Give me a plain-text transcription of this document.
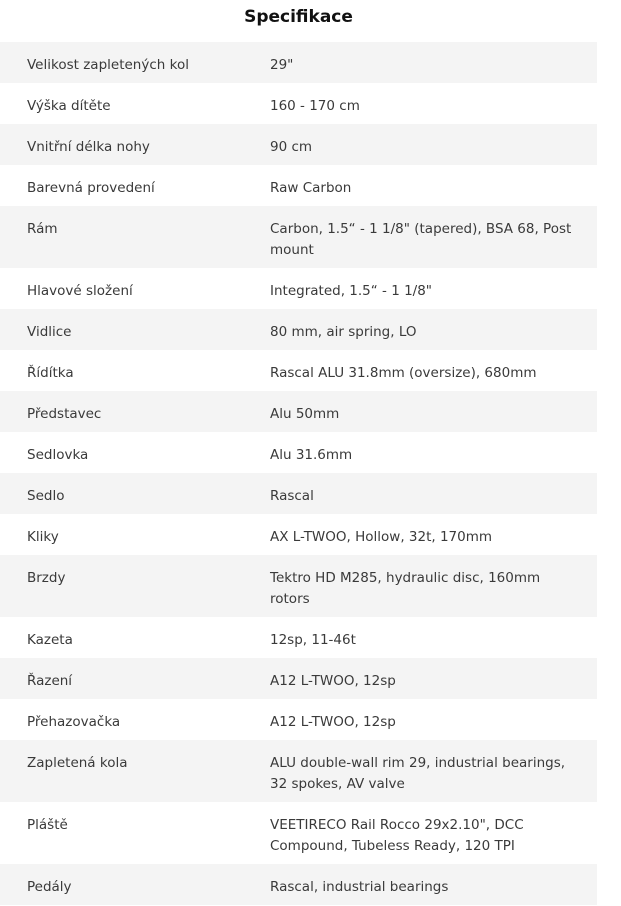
Specifikace
Velikost zapletených kol	29"
Výška dítěte	160 - 170 cm
Vnitřní délka nohy	90 cm
Barevná provedení	Raw Carbon
Rám	Carbon, 1.5“ - 1 1/8" (tapered), BSA 68, Post mount
Hlavové složení	Integrated, 1.5“ - 1 1/8"
Vidlice	80 mm, air spring, LO
Řídítka	Rascal ALU 31.8mm (oversize), 680mm
Představec	Alu 50mm
Sedlovka	Alu 31.6mm
Sedlo	Rascal
Kliky	AX L-TWOO, Hollow, 32t, 170mm
Brzdy	Tektro HD M285, hydraulic disc, 160mm rotors
Kazeta	12sp, 11-46t
Řazení	A12 L-TWOO, 12sp
Přehazovačka	A12 L-TWOO, 12sp
Zapletená kola	ALU double-wall rim 29, industrial bearings, 32 spokes, AV valve
Pláště	VEETIRECO Rail Rocco 29x2.10", DCC Compound, Tubeless Ready, 120 TPI
Pedály	Rascal, industrial bearings
